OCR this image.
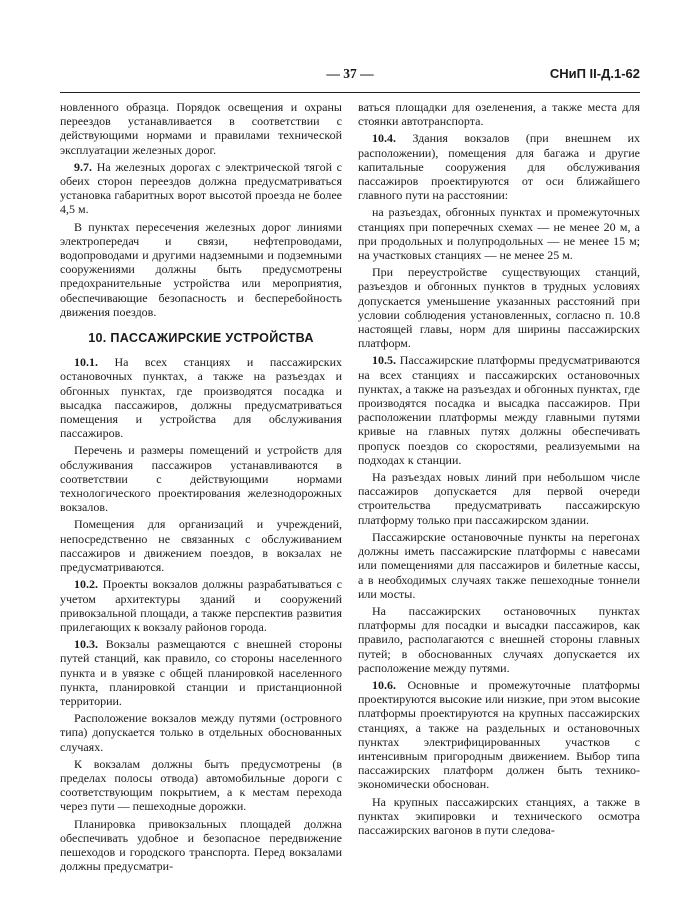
— 37 —	СНиП II-Д.1-62

новленного образца. Порядок освещения и охраны переездов устанавливается в соответствии с действующими нормами и правилами технической эксплуатации железных дорог.

9.7. На железных дорогах с электрической тягой с обеих сторон переездов должна предусматриваться установка габаритных ворот высотой проезда не более 4,5 м.

В пунктах пересечения железных дорог линиями электропередач и связи, нефтепроводами, водопроводами и другими надземными и подземными сооружениями должны быть предусмотрены предохранительные устройства или мероприятия, обеспечивающие безопасность и бесперебойность движения поездов.

10. ПАССАЖИРСКИЕ УСТРОЙСТВА

10.1. На всех станциях и пассажирских остановочных пунктах, а также на разъездах и обгонных пунктах, где производятся посадка и высадка пассажиров, должны предусматриваться помещения и устройства для обслуживания пассажиров.

Перечень и размеры помещений и устройств для обслуживания пассажиров устанавливаются в соответствии с действующими нормами технологического проектирования железнодорожных вокзалов.

Помещения для организаций и учреждений, непосредственно не связанных с обслуживанием пассажиров и движением поездов, в вокзалах не предусматриваются.

10.2. Проекты вокзалов должны разрабатываться с учетом архитектуры зданий и сооружений привокзальной площади, а также перспектив развития прилегающих к вокзалу районов города.

10.3. Вокзалы размещаются с внешней стороны путей станций, как правило, со стороны населенного пункта и в увязке с общей планировкой населенного пункта, планировкой станции и пристанционной территории.

Расположение вокзалов между путями (островного типа) допускается только в отдельных обоснованных случаях.

К вокзалам должны быть предусмотрены (в пределах полосы отвода) автомобильные дороги с соответствующим покрытием, а к местам перехода через пути — пешеходные дорожки.

Планировка привокзальных площадей должна обеспечивать удобное и безопасное передвижение пешеходов и городского транспорта. Перед вокзалами должны предусматри-

ваться площадки для озеленения, а также места для стоянки автотранспорта.

10.4. Здания вокзалов (при внешнем их расположении), помещения для багажа и другие капитальные сооружения для обслуживания пассажиров проектируются от оси ближайшего главного пути на расстоянии:

на разъездах, обгонных пунктах и промежуточных станциях при поперечных схемах — не менее 20 м, а при продольных и полупродольных — не менее 15 м; на участковых станциях — не менее 25 м.

При переустройстве существующих станций, разъездов и обгонных пунктов в трудных условиях допускается уменьшение указанных расстояний при условии соблюдения установленных, согласно п. 10.8 настоящей главы, норм для ширины пассажирских платформ.

10.5. Пассажирские платформы предусматриваются на всех станциях и пассажирских остановочных пунктах, а также на разъездах и обгонных пунктах, где производятся посадка и высадка пассажиров. При расположении платформы между главными путями кривые на главных путях должны обеспечивать пропуск поездов со скоростями, реализуемыми на подходах к станции.

На разъездах новых линий при небольшом числе пассажиров допускается для первой очереди строительства предусматривать пассажирскую платформу только при пассажирском здании.

Пассажирские остановочные пункты на перегонах должны иметь пассажирские платформы с навесами или помещениями для пассажиров и билетные кассы, а в необходимых случаях также пешеходные тоннели или мосты.

На пассажирских остановочных пунктах платформы для посадки и высадки пассажиров, как правило, располагаются с внешней стороны главных путей; в обоснованных случаях допускается их расположение между путями.

10.6. Основные и промежуточные платформы проектируются высокие или низкие, при этом высокие платформы проектируются на крупных пассажирских станциях, а также на раздельных и остановочных пунктах электрифицированных участков с интенсивным пригородным движением. Выбор типа пассажирских платформ должен быть технико-экономически обоснован.

На крупных пассажирских станциях, а также в пунктах экипировки и технического осмотра пассажирских вагонов в пути следова-
